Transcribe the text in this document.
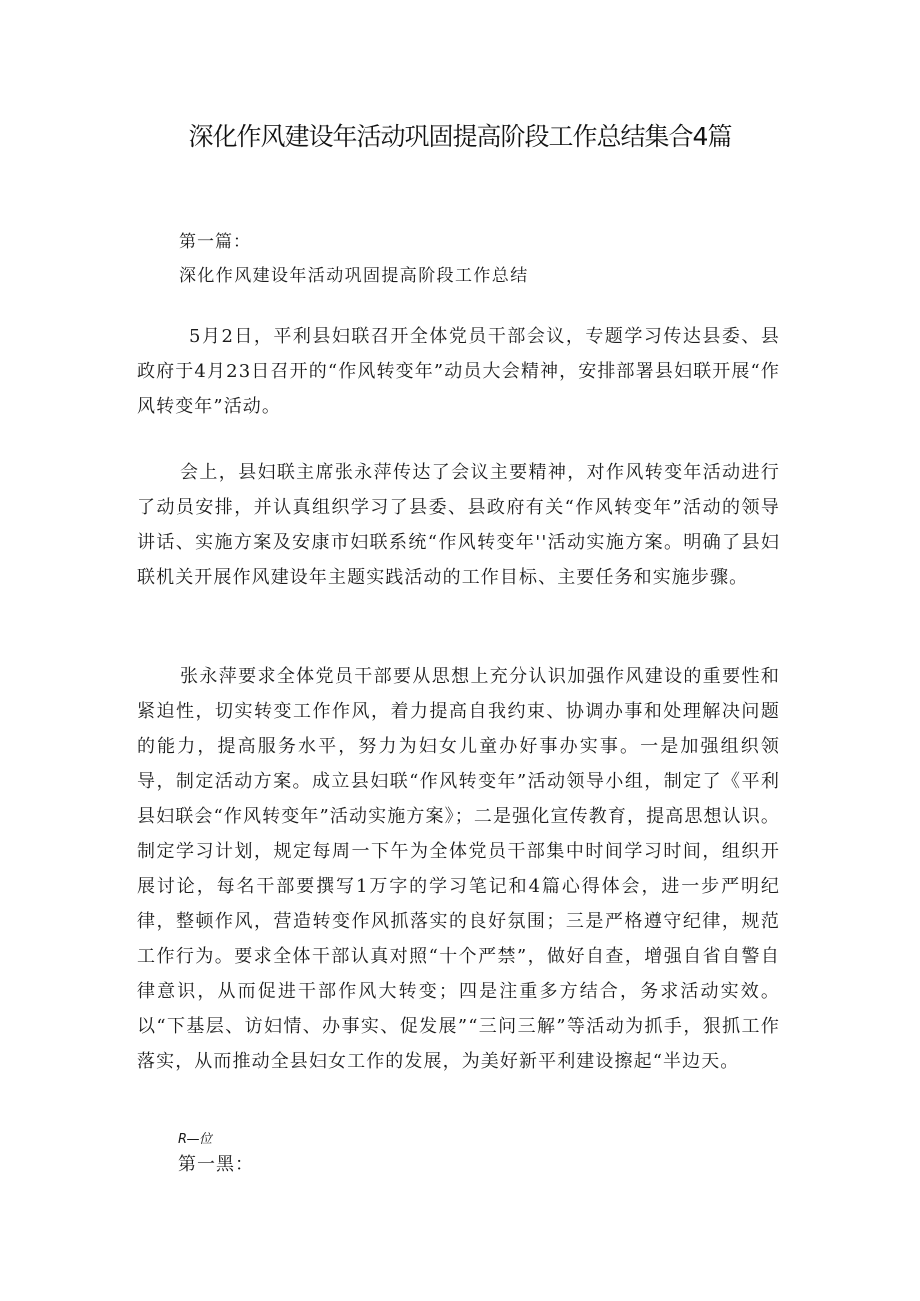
深化作风建设年活动巩固提高阶段工作总结集合4篇
第一篇：
深化作风建设年活动巩固提高阶段工作总结

5月2日，平利县妇联召开全体党员干部会议，专题学习传达县委、县政府于4月23日召开的“作风转变年”动员大会精神，安排部署县妇联开展“作风转变年”活动。

会上，县妇联主席张永萍传达了会议主要精神，对作风转变年活动进行了动员安排，并认真组织学习了县委、县政府有关“作风转变年”活动的领导讲话、实施方案及安康市妇联系统“作风转变年''活动实施方案。明确了县妇联机关开展作风建设年主题实践活动的工作目标、主要任务和实施步骤。

张永萍要求全体党员干部要从思想上充分认识加强作风建设的重要性和紧迫性，切实转变工作作风，着力提高自我约束、协调办事和处理解决问题的能力，提高服务水平，努力为妇女儿童办好事办实事。一是加强组织领导，制定活动方案。成立县妇联“作风转变年”活动领导小组，制定了《平利县妇联会“作风转变年”活动实施方案》；二是强化宣传教育，提高思想认识。制定学习计划，规定每周一下午为全体党员干部集中时间学习时间，组织开展讨论，每名干部要撰写1万字的学习笔记和4篇心得体会，进一步严明纪律，整顿作风，营造转变作风抓落实的良好氛围；三是严格遵守纪律，规范工作行为。要求全体干部认真对照“十个严禁”，做好自查，增强自省自警自律意识，从而促进干部作风大转变；四是注重多方结合，务求活动实效。以“下基层、访妇情、办事实、促发展”“三问三解”等活动为抓手，狠抓工作落实，从而推动全县妇女工作的发展，为美好新平利建设擦起“半边天。

R—位
第一黑：
